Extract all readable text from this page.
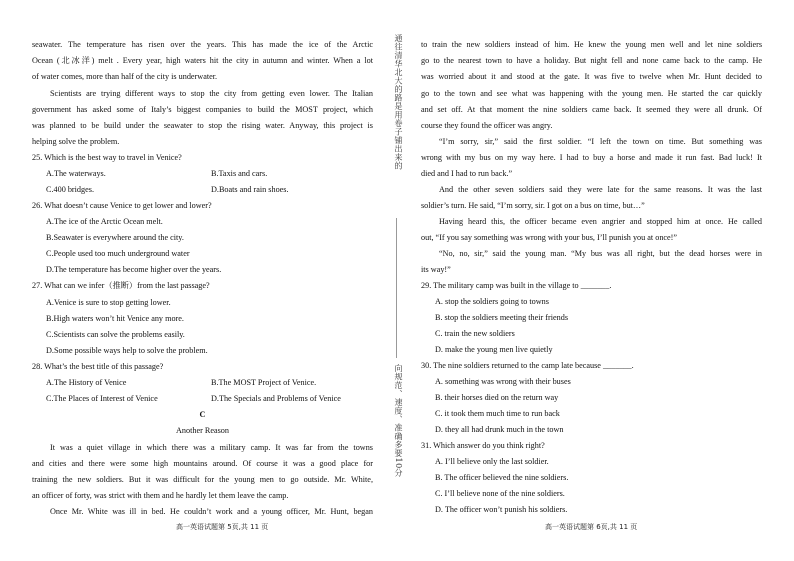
seawater. The temperature has risen over the years. This has made the ice of the Arctic
Ocean (北冰洋) melt . Every year, high waters hit the city in autumn and winter. When a lot
of water comes, more than half of the city is underwater.
Scientists are trying different ways to stop the city from getting even lower. The Italian
government has asked some of Italy’s biggest companies to build the MOST project, which
was planned to be build under the seawater to stop the rising water. Anyway, this project is
helping solve the problem.
25. Which is the best way to travel in Venice?
A.The waterways.	B.Taxis and cars.
C.400 bridges.	D.Boats and rain shoes.
26. What doesn’t cause Venice to get lower and lower?
A.The ice of the Arctic Ocean melt.
B.Seawater is everywhere around the city.
C.People used too much underground water
D.The temperature has become higher over the years.
27. What can we infer（推断）from the last passage?
A.Venice is sure to stop getting lower.
B.High waters won’t hit Venice any more.
C.Scientists can solve the problems easily.
D.Some possible ways help to solve the problem.
28. What’s the best title of this passage?
A.The History of Venice	B.The MOST Project of Venice.
C.The Places of Interest of Venice	D.The Specials and Problems of Venice
C
Another Reason
It was a quiet village in which there was a military camp. It was far from the towns
and cities and there were some high mountains around. Of course it was a good place for
training the new soldiers. But it was difficult for the young men to go outside. Mr. White,
an officer of forty, was strict with them and he hardly let them leave the camp.
Once Mr. White was ill in bed. He couldn’t work and a young officer, Mr. Hunt, began
通往清华北大的路是用卷子铺出来的
向规范、速度、准确多要10分
to train the new soldiers instead of him. He knew the young men well and let nine soldiers
go to the nearest town to have a holiday. But night fell and none came back to the camp. He
was worried about it and stood at the gate. It was five to twelve when Mr. Hunt decided to
go to the town and see what was happening with the young men. He started the car quickly
and set off. At that moment the nine soldiers came back. It seemed they were all drunk. Of
course they found the officer was angry.
“I’m sorry, sir,” said the first soldier. “I left the town on time. But something was
wrong with my bus on my way here. I had to buy a horse and made it run fast. Bad luck! It
died and I had to run back.”
And the other seven soldiers said they were late for the same reasons. It was the last
soldier’s turn. He said, “I’m sorry, sir. I got on a bus on time, but…”
Having heard this, the officer became even angrier and stopped him at once. He called
out, “If you say something was wrong with your bus, I’ll punish you at once!”
“No, no, sir,” said the young man. “My bus was all right, but the dead horses were in
its way!”
29. The military camp was built in the village to _______.
A. stop the soldiers going to towns
B. stop the soldiers meeting their friends
C. train the new soldiers
D. make the young men live quietly
30. The nine soldiers returned to the camp late because _______.
A. something was wrong with their buses
B. their horses died on the return way
C. it took them much time to run back
D. they all had drunk much in the town
31. Which answer do you think right?
A. I’ll believe only the last soldier.
B. The officer believed the nine soldiers.
C. I’ll believe none of the nine soldiers.
D. The officer won’t punish his soldiers.
高一英语试题第 5页,共 11 页	高一英语试题第 6页,共 11 页
